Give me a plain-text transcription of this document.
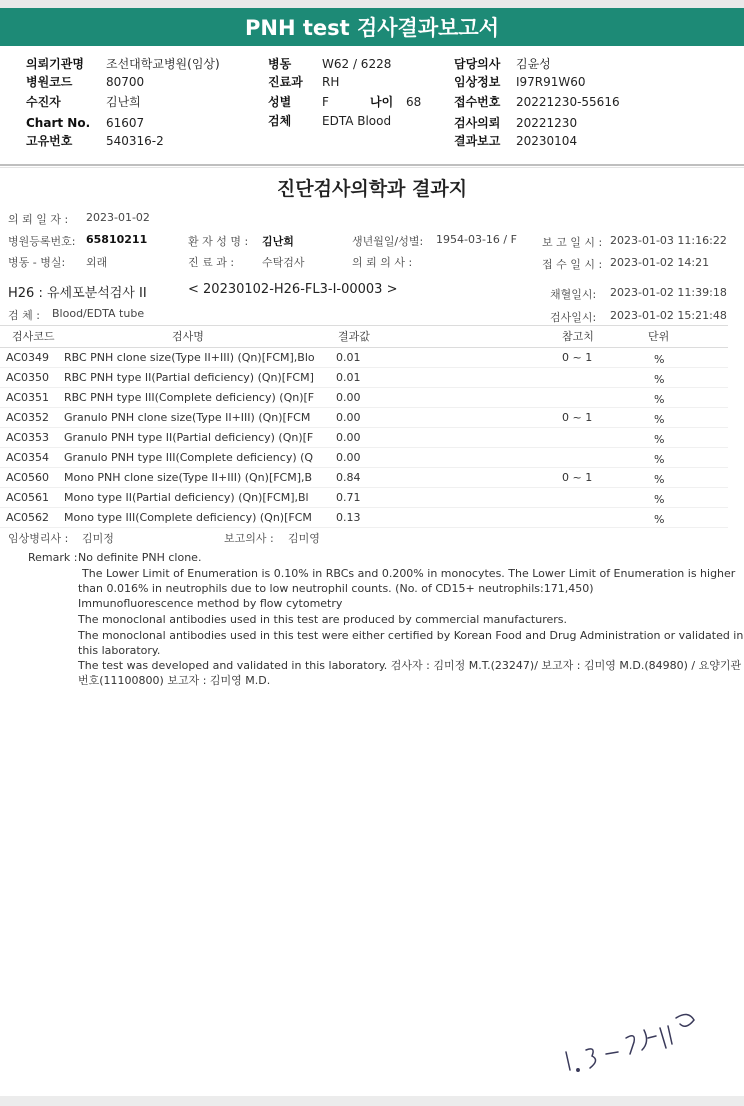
PNH test 검사결과보고서
의뢰기관명 조선대학교병원(임상)
병원코드	80700
수진자	김난희
Chart No. 61607
고유번호	540316-2
병동	W62 / 6228
진료과 RH
성별	F	나이 68
검체	EDTA Blood
담당의사 김윤성
임상정보 I97R91W60
접수번호 20221230-55616
검사의뢰 20221230
결과보고 20230104
진단검사의학과 결과지
의 뢰 일 자 : 2023-01-02
병원등록번호: 65810211	환 자 성 명 : 김난희	생년월일/성별: 1954-03-16 / F 보 고 일 시 : 2023-01-03 11:16:22
병동 - 병실: 외래	진 료 과 :	수탁검사	의 뢰 의 사 :	접 수 일 시 : 2023-01-02 14:21
H26 : 유세포분석검사 II	< 20230102-H26-FL3-I-00003 >	채혈일시: 2023-01-02 11:39:18
검 체 : Blood/EDTA tube	검사일시: 2023-01-02 15:21:48
검사코드	검사명	결과값	참고치	단위
AC0349 RBC PNH clone size(Type II+III) (Qn)[FCM],Blo 0.01	0 ~ 1	%
AC0350 RBC PNH type II(Partial deficiency) (Qn)[FCM] 0.01	%
AC0351 RBC PNH type III(Complete deficiency) (Qn)[F 0.00	%
AC0352 Granulo PNH clone size(Type II+III) (Qn)[FCM 0.00	0 ~ 1	%
AC0353 Granulo PNH type II(Partial deficiency) (Qn)[F 0.00	%
AC0354 Granulo PNH type III(Complete deficiency) (Q 0.00	%
AC0560 Mono PNH clone size(Type II+III) (Qn)[FCM],B 0.84	0 ~ 1	%
AC0561 Mono type II(Partial deficiency) (Qn)[FCM],Bl 0.71	%
AC0562 Mono type III(Complete deficiency) (Qn)[FCM 0.13	%
임상병리사 : 김미정	보고의사 : 김미영
Remark : No definite PNH clone.
The Lower Limit of Enumeration is 0.10% in RBCs and 0.200% in monocytes. The Lower Limit of Enumeration is higher
than 0.016% in neutrophils due to low neutrophil counts. (No. of CD15+ neutrophils:171,450)
Immunofluorescence method by flow cytometry
The monoclonal antibodies used in this test are produced by commercial manufacturers.
The monoclonal antibodies used in this test were either certified by Korean Food and Drug Administration or validated in
this laboratory.
The test was developed and validated in this laboratory. 검사자 : 김미정 M.T.(23247)/ 보고자 : 김미영 M.D.(84980) / 요양기관
번호(11100800) 보고자 : 김미영 M.D.
